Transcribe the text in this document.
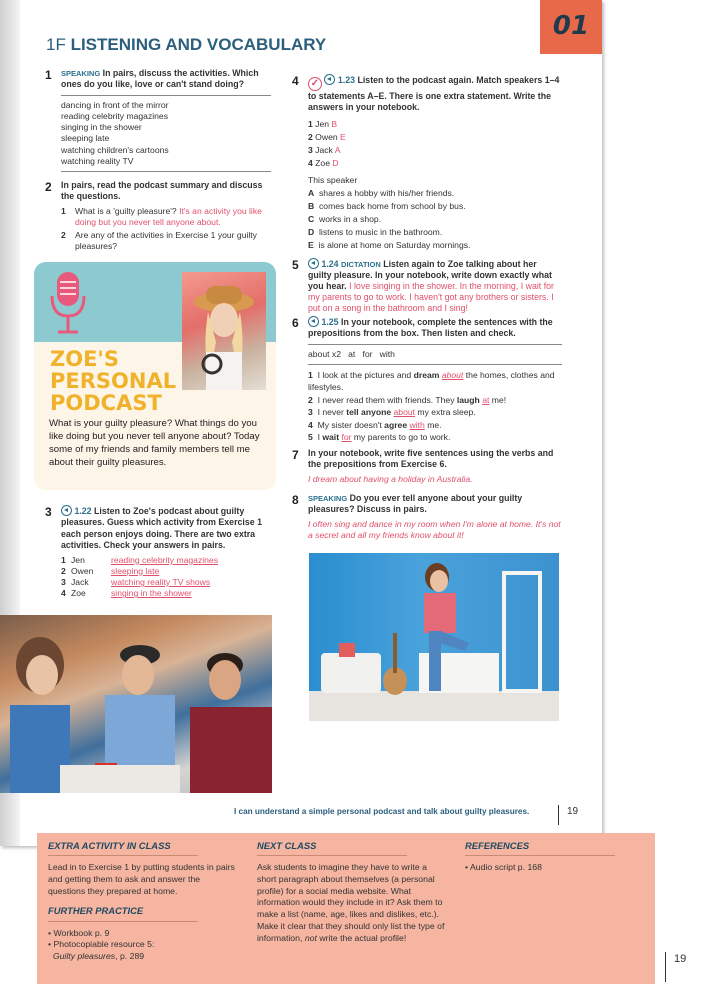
01
1F LISTENING AND VOCABULARY
1 SPEAKING In pairs, discuss the activities. Which ones do you like, love or can't stand doing?
dancing in front of the mirror
reading celebrity magazines
singing in the shower
sleeping late
watching children's cartoons
watching reality TV
2 In pairs, read the podcast summary and discuss the questions.
1	What is a 'guilty pleasure'? It's an activity you like doing but you never tell anyone about.
2	Are any of the activities in Exercise 1 your guilty pleasures?
ZOE'S
PERSONAL
PODCAST
What is your guilty pleasure? What things do you like doing but you never tell anyone about? Today some of my friends and family members tell me about their guilty pleasures.
3	1.22 Listen to Zoe's podcast about guilty pleasures. Guess which activity from Exercise 1 each person enjoys doing. There are two extra activities. Check your answers in pairs.
1 Jen	reading celebrity magazines
2 Owen	sleeping late
3 Jack	watching reality TV shows
4 Zoe	singing in the shower
4 ✓ 1.23 Listen to the podcast again. Match speakers 1–4 to statements A–E. There is one extra statement. Write the answers in your notebook.
1 Jen B
2 Owen E
3 Jack A
4 Zoe D
This speaker
A shares a hobby with his/her friends.
B comes back home from school by bus.
C works in a shop.
D listens to music in the bathroom.
E is alone at home on Saturday mornings.
5	1.24 DICTATION Listen again to Zoe talking about her guilty pleasure. In your notebook, write down exactly what you hear. I love singing in the shower. In the morning, I wait for my parents to go to work. I haven't got any brothers or sisters. I put on a song in the bathroom and I sing!
6	1.25 In your notebook, complete the sentences with the prepositions from the box. Then listen and check.
about x2   at   for   with
1 I look at the pictures and dream about the homes, clothes and lifestyles.
2 I never read them with friends. They laugh at me!
3 I never tell anyone about my extra sleep.
4 My sister doesn't agree with me.
5 I wait for my parents to go to work.
7 In your notebook, write five sentences using the verbs and the prepositions from Exercise 6.
I dream about having a holiday in Australia.
8 SPEAKING Do you ever tell anyone about your guilty pleasures? Discuss in pairs.
I often sing and dance in my room when I'm alone at home. It's not a secret and all my friends know about it!
I can understand a simple personal podcast and talk about guilty pleasures.	19
EXTRA ACTIVITY IN CLASS
Lead in to Exercise 1 by putting students in pairs and getting them to ask and answer the questions they prepared at home.
FURTHER PRACTICE
• Workbook p. 9
• Photocopiable resource 5:
Guilty pleasures, p. 289
NEXT CLASS
Ask students to imagine they have to write a short paragraph about themselves (a personal profile) for a social media website. What information would they include in it? Ask them to make a list (name, age, likes and dislikes, etc.). Make it clear that they should only list the type of information, not write the actual profile!
REFERENCES
• Audio script p. 168
19
